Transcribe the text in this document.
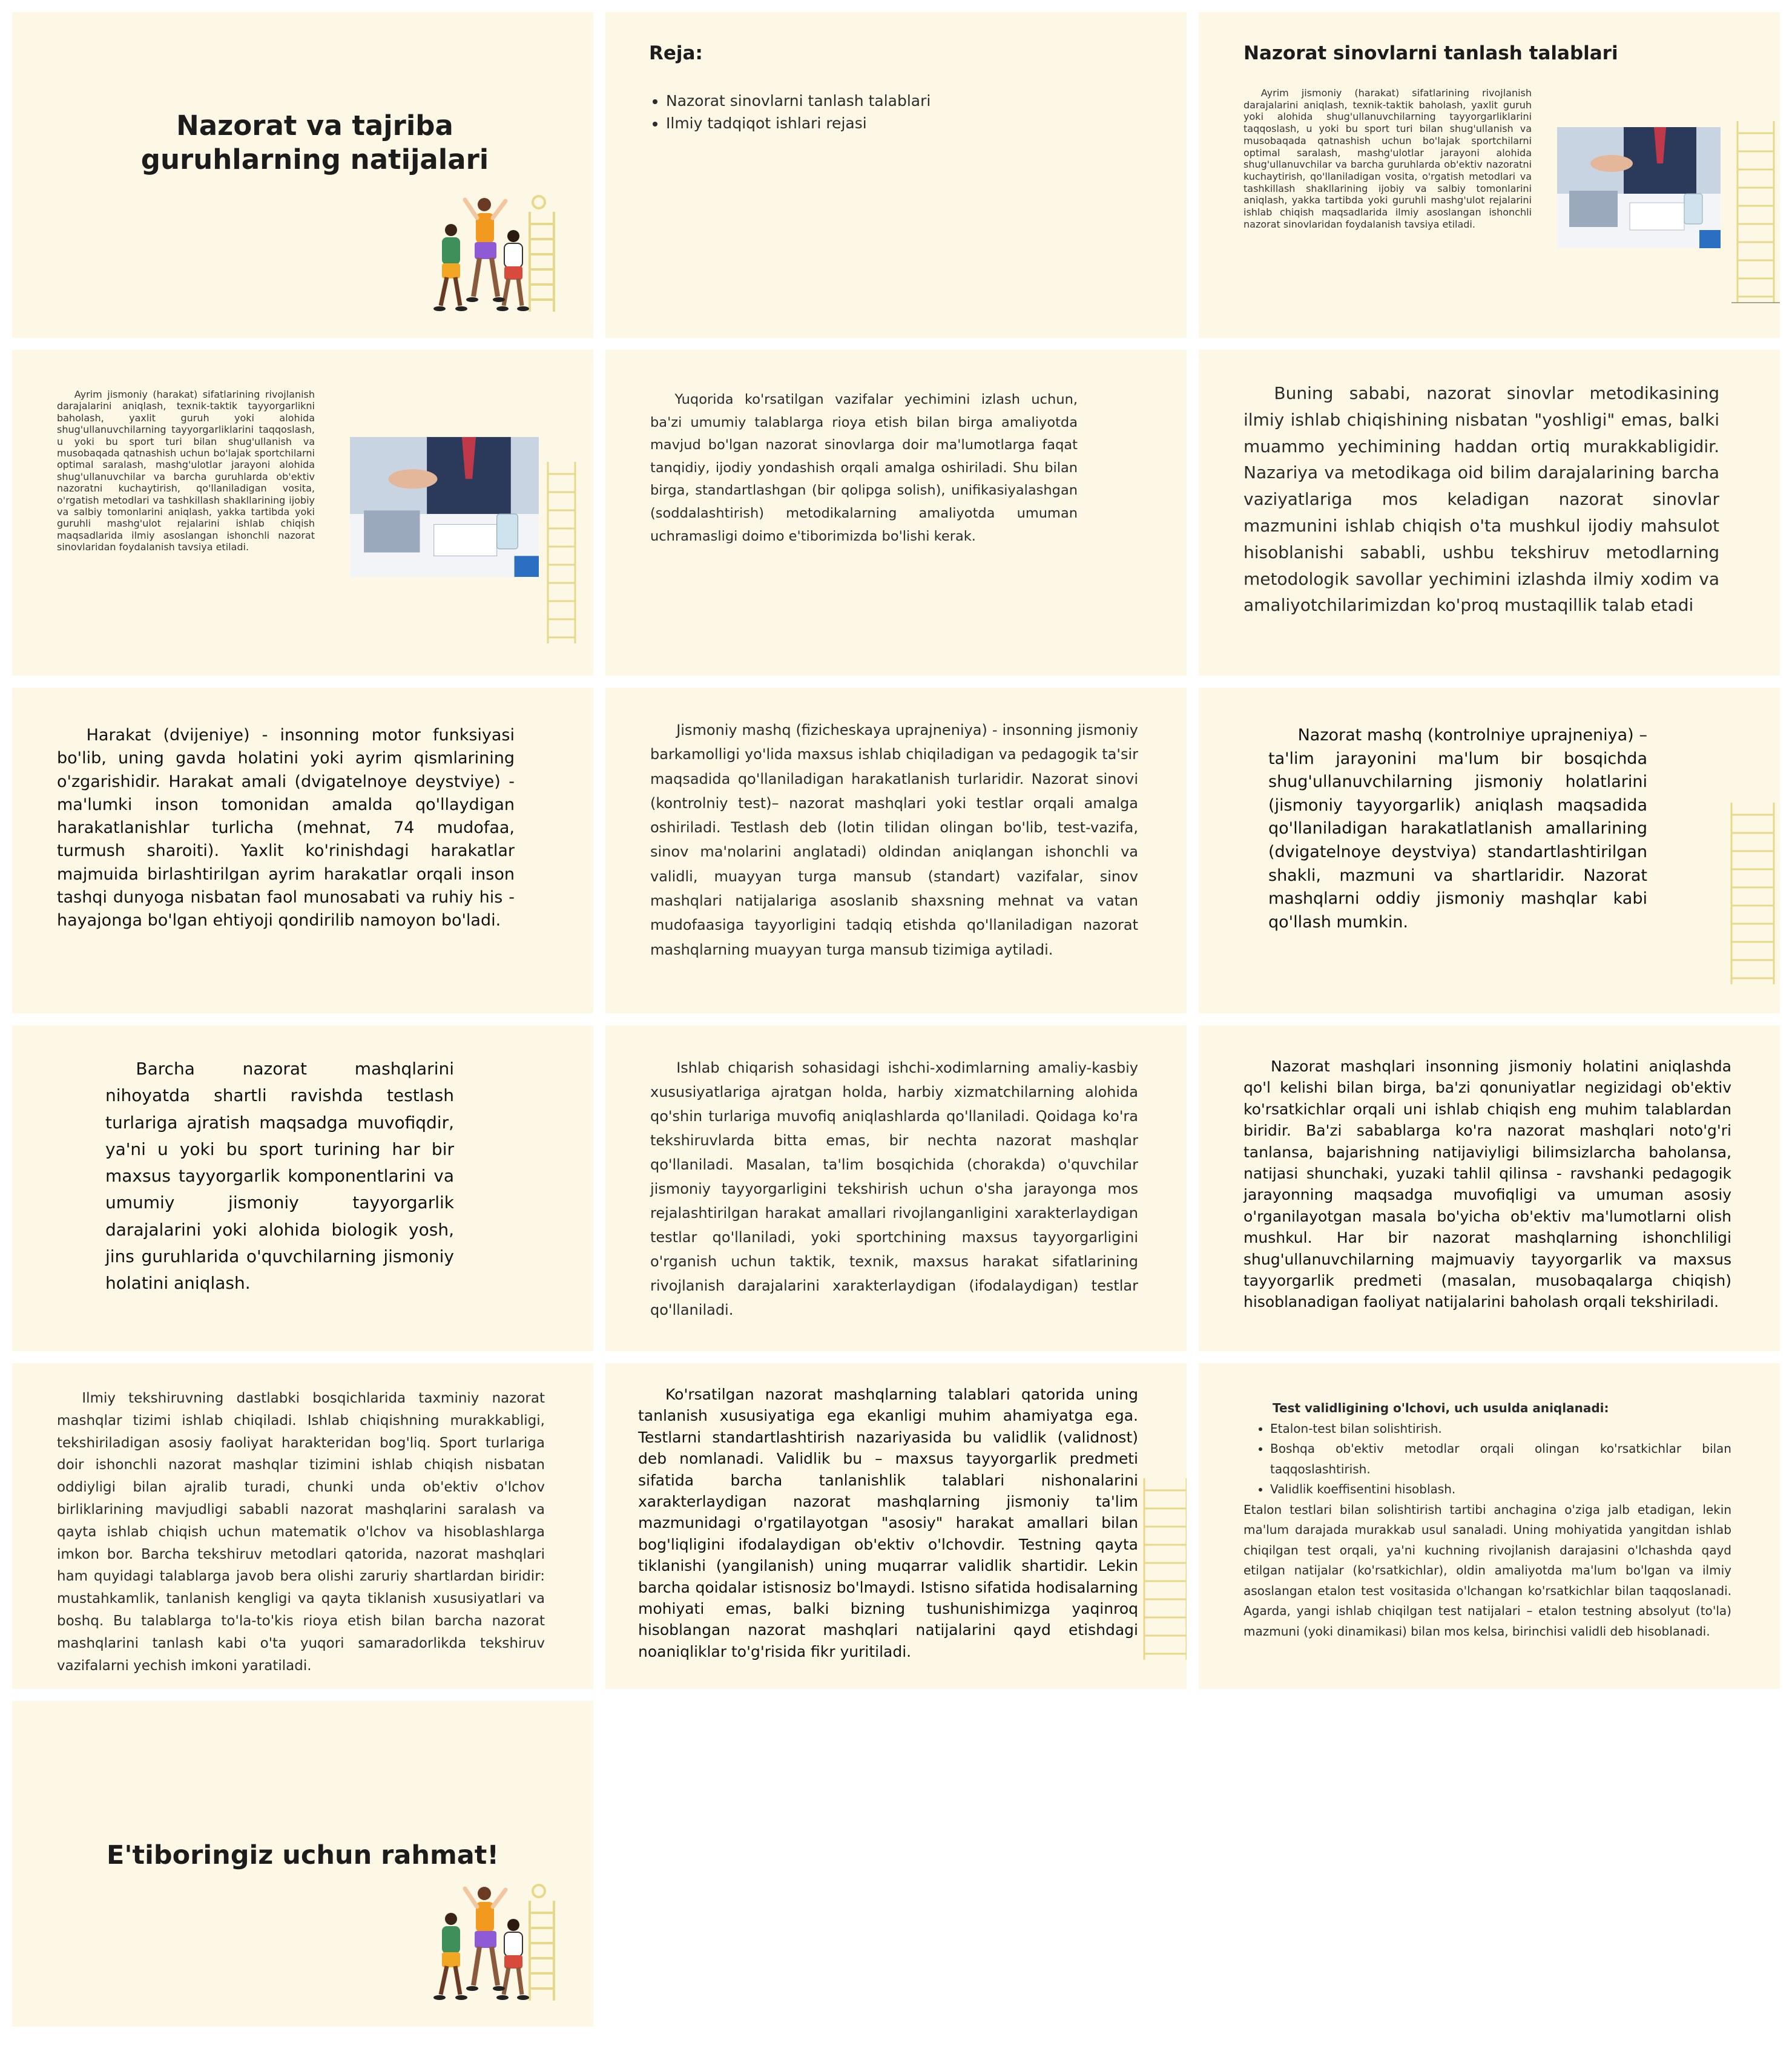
Nazorat va tajriba
guruhlarning natijalari
Reja:
• Nazorat sinovlarni tanlash talablari
• Ilmiy tadqiqot ishlari rejasi
Nazorat sinovlarni tanlash talablari
Ayrim jismoniy (harakat) sifatlarining rivojlanish darajalarini aniqlash, texnik-taktik baholash, yaxlit guruh yoki alohida shug'ullanuvchilarning tayyorgarliklarini taqqoslash, u yoki bu sport turi bilan shug'ullanish va musobaqada qatnashish uchun bo'lajak sportchilarni optimal saralash, mashg'ulotlar jarayoni alohida shug'ullanuvchilar va barcha guruhlarda ob'ektiv nazoratni kuchaytirish, qo'llaniladigan vosita, o'rgatish metodlari va tashkillash shakllarining ijobiy va salbiy tomonlarini aniqlash, yakka tartibda yoki guruhli mashg'ulot rejalarini ishlab chiqish maqsadlarida ilmiy asoslangan ishonchli nazorat sinovlaridan foydalanish tavsiya etiladi.
Ayrim jismoniy (harakat) sifatlarining rivojlanish darajalarini aniqlash, texnik-taktik tayyorgarlikni baholash, yaxlit guruh yoki alohida shug'ullanuvchilarning tayyorgarliklarini taqqoslash, u yoki bu sport turi bilan shug'ullanish va musobaqada qatnashish uchun bo'lajak sportchilarni optimal saralash, mashg'ulotlar jarayoni alohida shug'ullanuvchilar va barcha guruhlarda ob'ektiv nazoratni kuchaytirish, qo'llaniladigan vosita, o'rgatish metodlari va tashkillash shakllarining ijobiy va salbiy tomonlarini aniqlash, yakka tartibda yoki guruhli mashg'ulot rejalarini ishlab chiqish maqsadlarida ilmiy asoslangan ishonchli nazorat sinovlaridan foydalanish tavsiya etiladi.
Yuqorida ko'rsatilgan vazifalar yechimini izlash uchun, ba'zi umumiy talablarga rioya etish bilan birga amaliyotda mavjud bo'lgan nazorat sinovlarga doir ma'lumotlarga faqat tanqidiy, ijodiy yondashish orqali amalga oshiriladi. Shu bilan birga, standartlashgan (bir qolipga solish), unifikasiyalashgan (soddalashtirish) metodikalarning amaliyotda umuman uchramasligi doimo e'tiborimizda bo'lishi kerak.
Buning sababi, nazorat sinovlar metodikasining ilmiy ishlab chiqishining nisbatan "yoshligi" emas, balki muammo yechimining haddan ortiq murakkabligidir. Nazariya va metodikaga oid bilim darajalarining barcha vaziyatlariga mos keladigan nazorat sinovlar mazmunini ishlab chiqish o'ta mushkul ijodiy mahsulot hisoblanishi sababli, ushbu tekshiruv metodlarning metodologik savollar yechimini izlashda ilmiy xodim va amaliyotchilarimizdan ko'proq mustaqillik talab etadi
Harakat (dvijeniye) - insonning motor funksiyasi bo'lib, uning gavda holatini yoki ayrim qismlarining o'zgarishidir. Harakat amali (dvigatelnoye deystviye) - ma'lumki inson tomonidan amalda qo'llaydigan harakatlanishlar turlicha (mehnat, 74 mudofaa, turmush sharoiti). Yaxlit ko'rinishdagi harakatlar majmuida birlashtirilgan ayrim harakatlar orqali inson tashqi dunyoga nisbatan faol munosabati va ruhiy his - hayajonga bo'lgan ehtiyoji qondirilib namoyon bo'ladi.
Jismoniy mashq (fizicheskaya uprajneniya) - insonning jismoniy barkamolligi yo'lida maxsus ishlab chiqiladigan va pedagogik ta'sir maqsadida qo'llaniladigan harakatlanish turlaridir. Nazorat sinovi (kontrolniy test)– nazorat mashqlari yoki testlar orqali amalga oshiriladi. Testlash deb (lotin tilidan olingan bo'lib, test-vazifa, sinov ma'nolarini anglatadi) oldindan aniqlangan ishonchli va validli, muayyan turga mansub (standart) vazifalar, sinov mashqlari natijalariga asoslanib shaxsning mehnat va vatan mudofaasiga tayyorligini tadqiq etishda qo'llaniladigan nazorat mashqlarning muayyan turga mansub tizimiga aytiladi.
Nazorat mashq (kontrolniye uprajneniya) – ta'lim jarayonini ma'lum bir bosqichda shug'ullanuvchilarning jismoniy holatlarini (jismoniy tayyorgarlik) aniqlash maqsadida qo'llaniladigan harakatlatlanish amallarining (dvigatelnoye deystviya) standartlashtirilgan shakli, mazmuni va shartlaridir. Nazorat mashqlarni oddiy jismoniy mashqlar kabi qo'llash mumkin.
Barcha nazorat mashqlarini nihoyatda shartli ravishda testlash turlariga ajratish maqsadga muvofiqdir, ya'ni u yoki bu sport turining har bir maxsus tayyorgarlik komponentlarini va umumiy jismoniy tayyorgarlik darajalarini yoki alohida biologik yosh, jins guruhlarida o'quvchilarning jismoniy holatini aniqlash.
Ishlab chiqarish sohasidagi ishchi-xodimlarning amaliy-kasbiy xususiyatlariga ajratgan holda, harbiy xizmatchilarning alohida qo'shin turlariga muvofiq aniqlashlarda qo'llaniladi. Qoidaga ko'ra tekshiruvlarda bitta emas, bir nechta nazorat mashqlar qo'llaniladi. Masalan, ta'lim bosqichida (chorakda) o'quvchilar jismoniy tayyorgarligini tekshirish uchun o'sha jarayonga mos rejalashtirilgan harakat amallari rivojlanganligini xarakterlaydigan testlar qo'llaniladi, yoki sportchining maxsus tayyorgarligini o'rganish uchun taktik, texnik, maxsus harakat sifatlarining rivojlanish darajalarini xarakterlaydigan (ifodalaydigan) testlar qo'llaniladi.
Nazorat mashqlari insonning jismoniy holatini aniqlashda qo'l kelishi bilan birga, ba'zi qonuniyatlar negizidagi ob'ektiv ko'rsatkichlar orqali uni ishlab chiqish eng muhim talablardan biridir. Ba'zi sabablarga ko'ra nazorat mashqlari noto'g'ri tanlansa, bajarishning natijaviyligi bilimsizlarcha baholansa, natijasi shunchaki, yuzaki tahlil qilinsa - ravshanki pedagogik jarayonning maqsadga muvofiqligi va umuman asosiy o'rganilayotgan masala bo'yicha ob'ektiv ma'lumotlarni olish mushkul. Har bir nazorat mashqlarning ishonchliligi shug'ullanuvchilarning majmuaviy tayyorgarlik va maxsus tayyorgarlik predmeti (masalan, musobaqalarga chiqish) hisoblanadigan faoliyat natijalarini baholash orqali tekshiriladi.
Ilmiy tekshiruvning dastlabki bosqichlarida taxminiy nazorat mashqlar tizimi ishlab chiqiladi. Ishlab chiqishning murakkabligi, tekshiriladigan asosiy faoliyat harakteridan bog'liq. Sport turlariga doir ishonchli nazorat mashqlar tizimini ishlab chiqish nisbatan oddiyligi bilan ajralib turadi, chunki unda ob'ektiv o'lchov birliklarining mavjudligi sababli nazorat mashqlarini saralash va qayta ishlab chiqish uchun matematik o'lchov va hisoblashlarga imkon bor. Barcha tekshiruv metodlari qatorida, nazorat mashqlari ham quyidagi talablarga javob bera olishi zaruriy shartlardan biridir: mustahkamlik, tanlanish kengligi va qayta tiklanish xususiyatlari va boshq. Bu talablarga to'la-to'kis rioya etish bilan barcha nazorat mashqlarini tanlash kabi o'ta yuqori samaradorlikda tekshiruv vazifalarni yechish imkoni yaratiladi.
Ko'rsatilgan nazorat mashqlarning talablari qatorida uning tanlanish xususiyatiga ega ekanligi muhim ahamiyatga ega. Testlarni standartlashtirish nazariyasida bu validlik (validnost) deb nomlanadi. Validlik bu – maxsus tayyorgarlik predmeti sifatida barcha tanlanishlik talablari nishonalarini xarakterlaydigan nazorat mashqlarning jismoniy ta'lim mazmunidagi o'rgatilayotgan "asosiy" harakat amallari bilan bog'liqligini ifodalaydigan ob'ektiv o'lchovdir. Testning qayta tiklanishi (yangilanish) uning muqarrar validlik shartidir. Lekin barcha qoidalar istisnosiz bo'lmaydi. Istisno sifatida hodisalarning mohiyati emas, balki bizning tushunishimizga yaqinroq hisoblangan nazorat mashqlari natijalarini qayd etishdagi noaniqliklar to'g'risida fikr yuritiladi.
Test validligining o'lchovi, uch usulda aniqlanadi:
• Etalon-test bilan solishtirish.
• Boshqa ob'ektiv metodlar orqali olingan ko'rsatkichlar bilan taqqoslashtirish.
• Validlik koeffisentini hisoblash.
Etalon testlari bilan solishtirish tartibi anchagina o'ziga jalb etadigan, lekin ma'lum darajada murakkab usul sanaladi. Uning mohiyatida yangitdan ishlab chiqilgan test orqali, ya'ni kuchning rivojlanish darajasini o'lchashda qayd etilgan natijalar (ko'rsatkichlar), oldin amaliyotda ma'lum bo'lgan va ilmiy asoslangan etalon test vositasida o'lchangan ko'rsatkichlar bilan taqqoslanadi. Agarda, yangi ishlab chiqilgan test natijalari – etalon testning absolyut (to'la) mazmuni (yoki dinamikasi) bilan mos kelsa, birinchisi validli deb hisoblanadi.
E'tiboringiz uchun rahmat!
